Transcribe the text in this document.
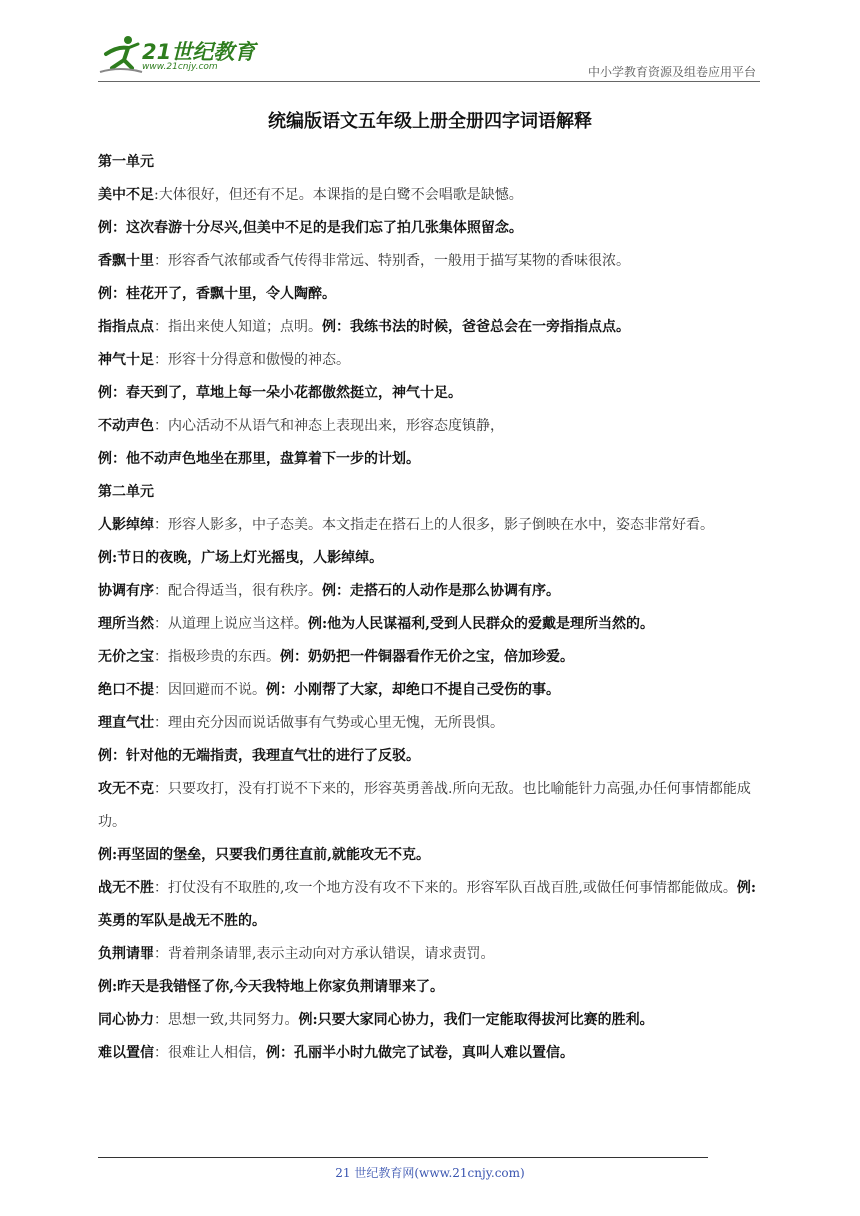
21世纪教育
www.21cnjy.com	中小学教育资源及组卷应用平台
统编版语文五年级上册全册四字词语解释
第一单元
美中不足:大体很好，但还有不足。本课指的是白鹭不会唱歌是缺憾。
例：这次春游十分尽兴,但美中不足的是我们忘了拍几张集体照留念。
香飘十里：形容香气浓郁或香气传得非常远、特别香，一般用于描写某物的香味很浓。
例：桂花开了，香飘十里，令人陶醉。
指指点点：指出来使人知道；点明。例：我练书法的时候，爸爸总会在一旁指指点点。
神气十足：形容十分得意和傲慢的神态。
例：春天到了，草地上每一朵小花都傲然挺立，神气十足。
不动声色：内心活动不从语气和神态上表现出来，形容态度镇静，
例：他不动声色地坐在那里，盘算着下一步的计划。
第二单元
人影绰绰：形容人影多，中子态美。本文指走在搭石上的人很多，影子倒映在水中，姿态非常好看。
例:节日的夜晚，广场上灯光摇曳，人影绰绰。
协调有序：配合得适当，很有秩序。例：走搭石的人动作是那么协调有序。
理所当然：从道理上说应当这样。例:他为人民谋福利,受到人民群众的爱戴是理所当然的。
无价之宝：指极珍贵的东西。例：奶奶把一件铜器看作无价之宝，倍加珍爱。
绝口不提：因回避而不说。例：小刚帮了大家，却绝口不提自己受伤的事。
理直气壮：理由充分因而说话做事有气势或心里无愧，无所畏惧。
例：针对他的无端指责，我理直气壮的进行了反驳。
攻无不克：只要攻打，没有打说不下来的，形容英勇善战.所向无敌。也比喻能针力高强,办任何事情都能成功。
例:再坚固的堡垒，只要我们勇往直前,就能攻无不克。
战无不胜：打仗没有不取胜的,攻一个地方没有攻不下来的。形容军队百战百胜,或做任何事情都能做成。例:英勇的军队是战无不胜的。
负荆请罪：背着荆条请罪,表示主动向对方承认错误，请求责罚。
例:昨天是我错怪了你,今天我特地上你家负荆请罪来了。
同心协力：思想一致,共同努力。例:只要大家同心协力，我们一定能取得拔河比赛的胜利。
难以置信：很难让人相信，例：孔丽半小时九做完了试卷，真叫人难以置信。
21 世纪教育网(www.21cnjy.com)
